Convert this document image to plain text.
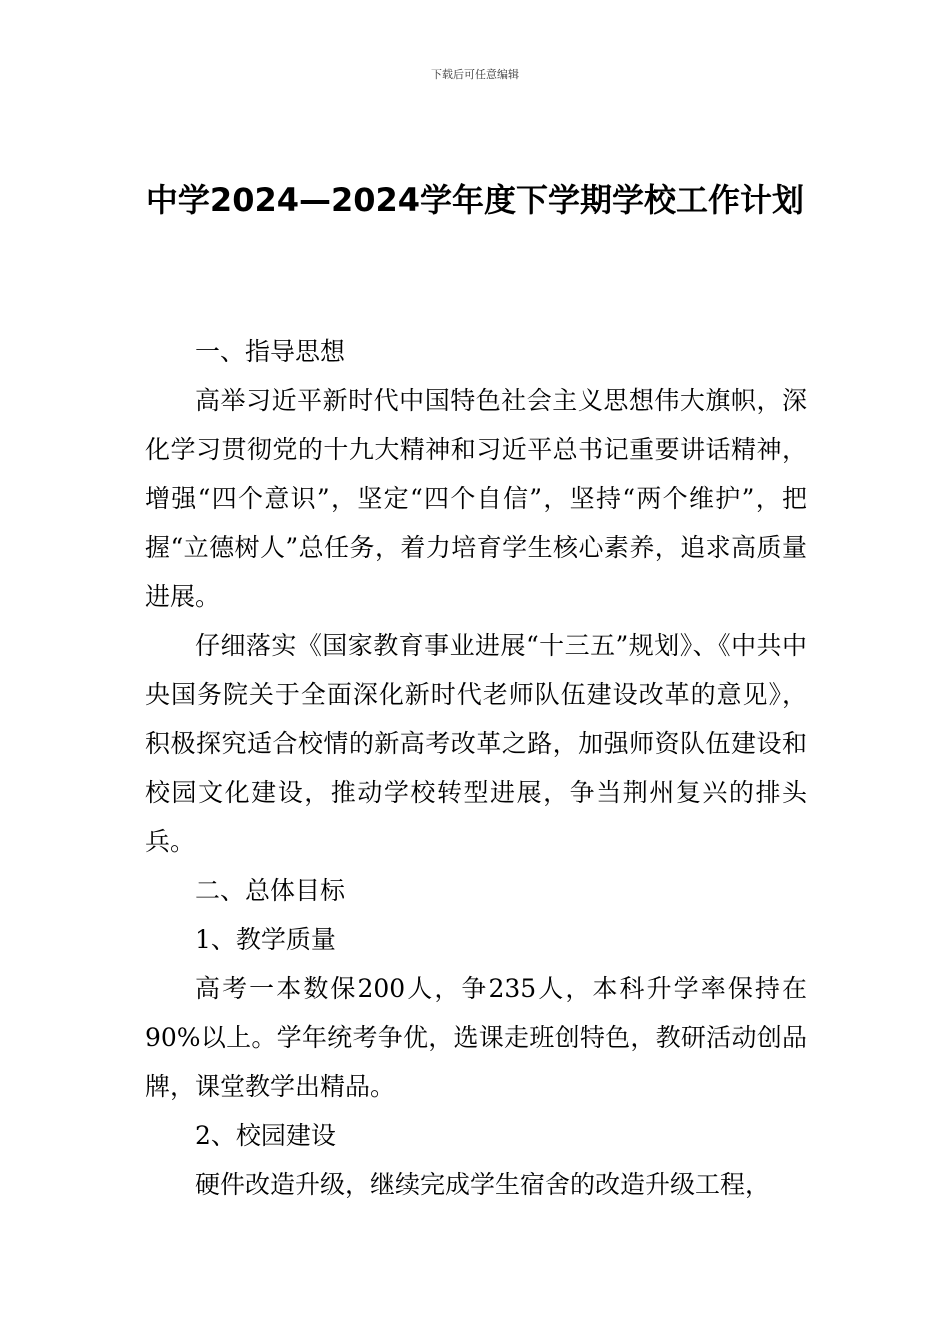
下载后可任意编辑
中学2024—2024学年度下学期学校工作计划

一、指导思想

高举习近平新时代中国特色社会主义思想伟大旗帜，深化学习贯彻党的十九大精神和习近平总书记重要讲话精神，增强“四个意识”，坚定“四个自信”，坚持“两个维护”，把握“立德树人”总任务，着力培育学生核心素养，追求高质量进展。

仔细落实《国家教育事业进展“十三五”规划》、《中共中央国务院关于全面深化新时代老师队伍建设改革的意见》，积极探究适合校情的新高考改革之路，加强师资队伍建设和校园文化建设，推动学校转型进展，争当荆州复兴的排头兵。

二、总体目标

1、教学质量

高考一本数保200人，争235人，本科升学率保持在90%以上。学年统考争优，选课走班创特色，教研活动创品牌，课堂教学出精品。

2、校园建设

硬件改造升级，继续完成学生宿舍的改造升级工程，
